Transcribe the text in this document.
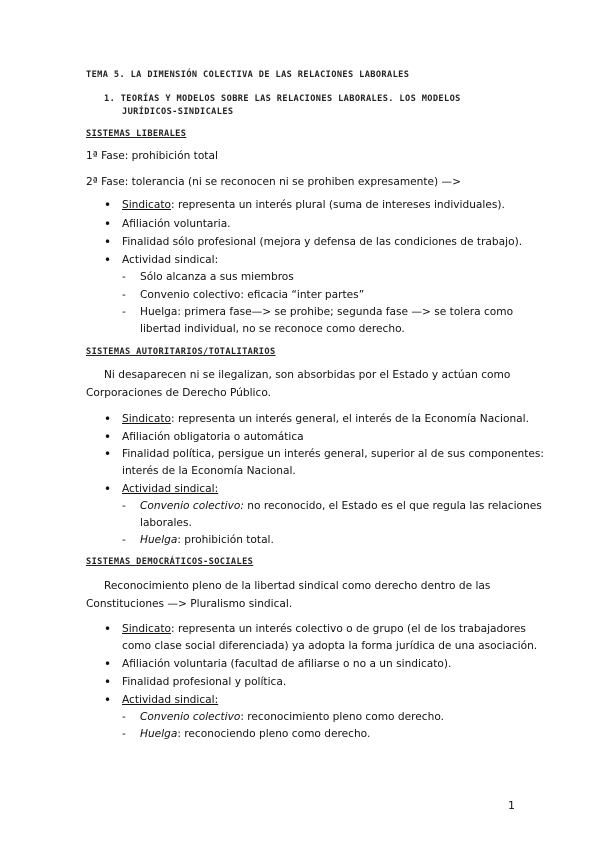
TEMA 5. LA DIMENSIÓN COLECTIVA DE LAS RELACIONES LABORALES
1. TEORÍAS Y MODELOS SOBRE LAS RELACIONES LABORALES. LOS MODELOS
JURÍDICOS-SINDICALES
SISTEMAS LIBERALES
1ª Fase: prohibición total
2ª Fase: tolerancia (ni se reconocen ni se prohiben expresamente) —>
• Sindicato: representa un interés plural (suma de intereses individuales).
• Afiliación voluntaria.
• Finalidad sólo profesional (mejora y defensa de las condiciones de trabajo).
• Actividad sindical:
- Sólo alcanza a sus miembros
- Convenio colectivo: eficacia “inter partes”
- Huelga: primera fase—> se prohibe; segunda fase —> se tolera como
libertad individual, no se reconoce como derecho.
SISTEMAS AUTORITARIOS/TOTALITARIOS
Ni desaparecen ni se ilegalizan, son absorbidas por el Estado y actúan como
Corporaciones de Derecho Público.
• Sindicato: representa un interés general, el interés de la Economía Nacional.
• Afiliación obligatoria o automática
• Finalidad política, persigue un interés general, superior al de sus componentes:
interés de la Economía Nacional.
• Actividad sindical:
- Convenio colectivo: no reconocido, el Estado es el que regula las relaciones
laborales.
- Huelga: prohibición total.
SISTEMAS DEMOCRÁTICOS-SOCIALES
Reconocimiento pleno de la libertad sindical como derecho dentro de las
Constituciones —> Pluralismo sindical.
• Sindicato: representa un interés colectivo o de grupo (el de los trabajadores
como clase social diferenciada) ya adopta la forma jurídica de una asociación.
• Afiliación voluntaria (facultad de afiliarse o no a un sindicato).
• Finalidad profesional y política.
• Actividad sindical:
- Convenio colectivo: reconocimiento pleno como derecho.
- Huelga: reconociendo pleno como derecho.
1
